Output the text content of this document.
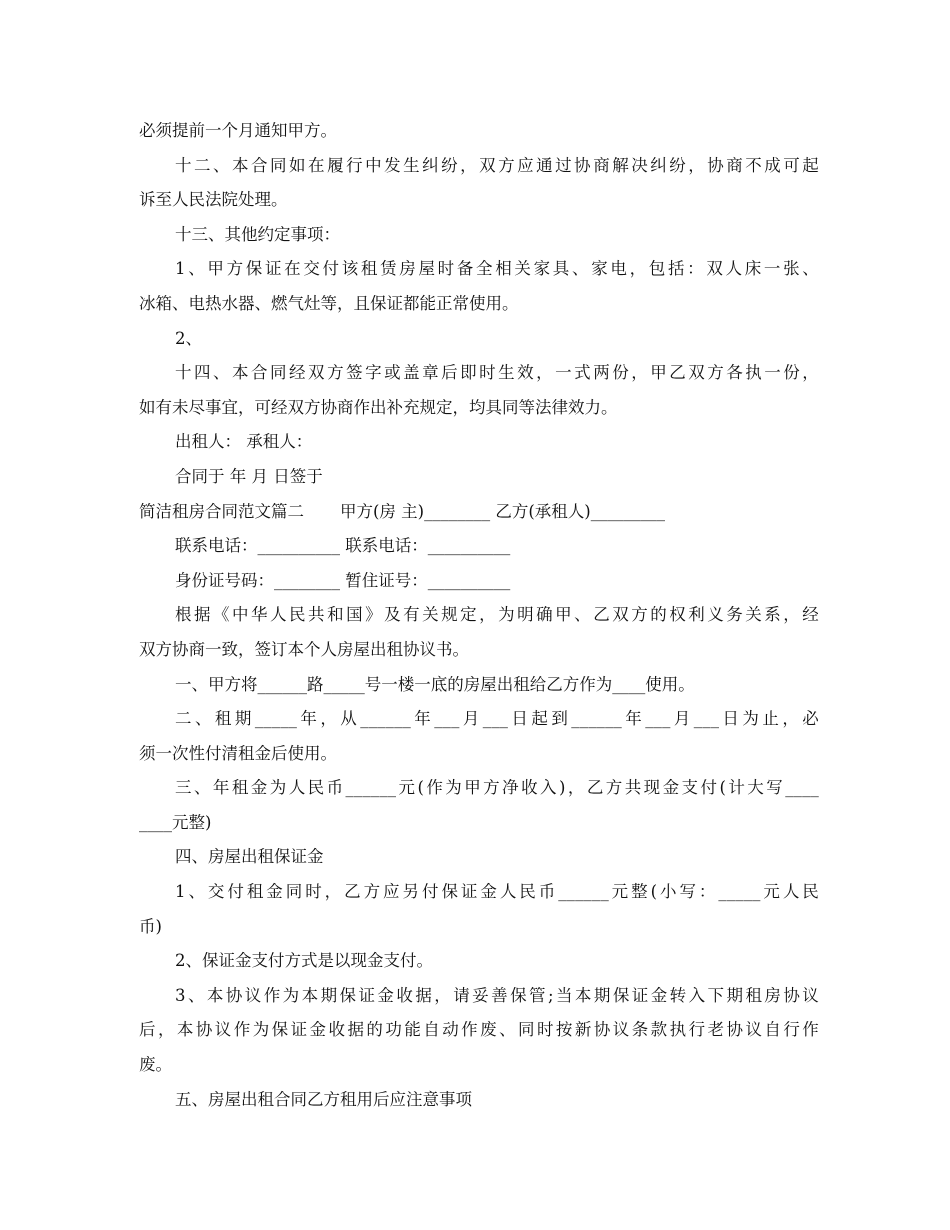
必须提前一个月通知甲方。
十二、本合同如在履行中发生纠纷，双方应通过协商解决纠纷，协商不成可起
诉至人民法院处理。
十三、其他约定事项：
1、甲方保证在交付该租赁房屋时备全相关家具、家电，包括：双人床一张、
冰箱、电热水器、燃气灶等，且保证都能正常使用。
2、
十四、本合同经双方签字或盖章后即时生效，一式两份，甲乙双方各执一份，
如有未尽事宜，可经双方协商作出补充规定，均具同等法律效力。
出租人： 承租人：
合同于 年 月 日签于
简洁租房合同范文篇二 甲方(房 主)________ 乙方(承租人)_________
联系电话：__________ 联系电话：__________
身份证号码：________ 暂住证号：__________
根据《中华人民共和国》及有关规定，为明确甲、乙双方的权利义务关系，经
双方协商一致，签订本个人房屋出租协议书。
一、甲方将______路_____号一楼一底的房屋出租给乙方作为____使用。
二、租期_____年，从______年___月___日起到______年___月___日为止，必
须一次性付清租金后使用。
三、年租金为人民币______元(作为甲方净收入)，乙方共现金支付(计大写____
____元整)
四、房屋出租保证金
1、交付租金同时，乙方应另付保证金人民币______元整(小写：_____元人民
币)
2、保证金支付方式是以现金支付。
3、本协议作为本期保证金收据，请妥善保管;当本期保证金转入下期租房协议
后，本协议作为保证金收据的功能自动作废、同时按新协议条款执行老协议自行作
废。
五、房屋出租合同乙方租用后应注意事项
